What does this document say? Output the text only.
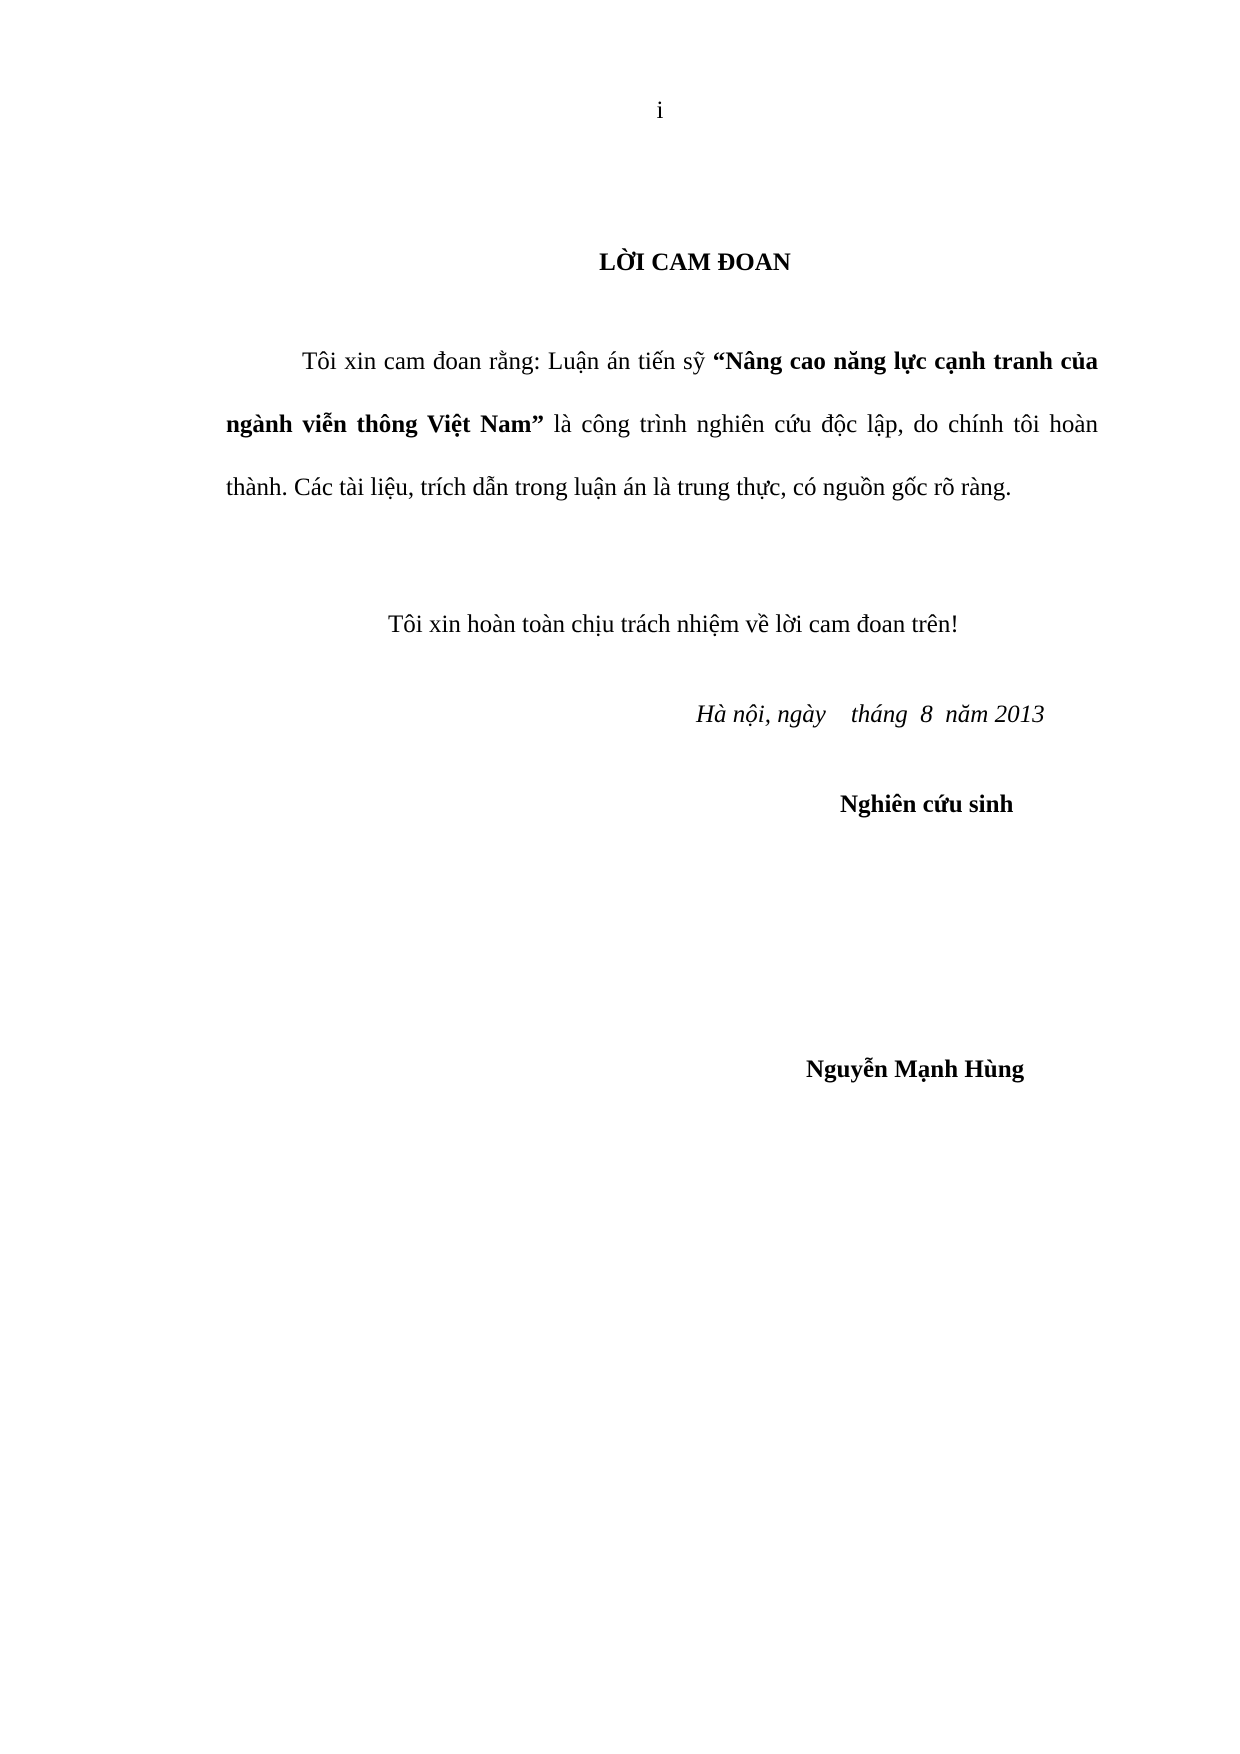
i
LỜI CAM ĐOAN

Tôi xin cam đoan rằng: Luận án tiến sỹ “Nâng cao năng lực cạnh tranh của ngành viễn thông Việt Nam” là công trình nghiên cứu độc lập, do chính tôi hoàn thành. Các tài liệu, trích dẫn trong luận án là trung thực, có nguồn gốc rõ ràng.

Tôi xin hoàn toàn chịu trách nhiệm về lời cam đoan trên!
Hà nội, ngày    tháng  8  năm 2013
Nghiên cứu sinh
Nguyễn Mạnh Hùng
